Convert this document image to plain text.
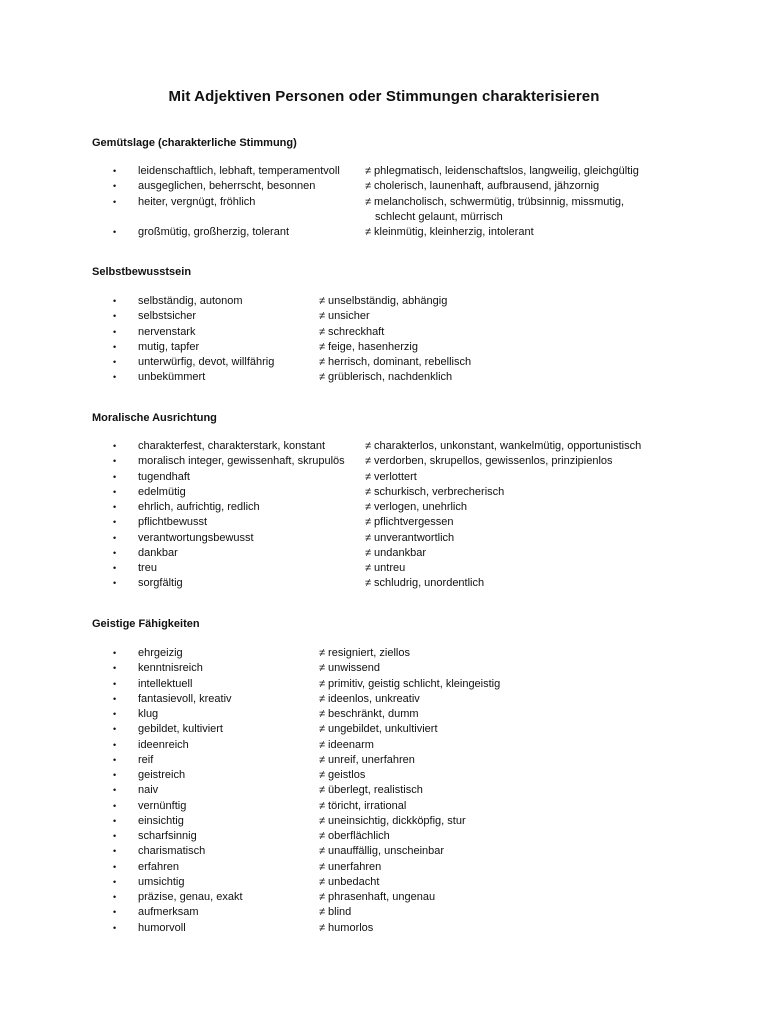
Mit Adjektiven Personen oder Stimmungen charakterisieren
Gemütslage (charakterliche Stimmung)
• leidenschaftlich, lebhaft, temperamentvoll ≠ phlegmatisch, leidenschaftslos, langweilig, gleichgültig
• ausgeglichen, beherrscht, besonnen	≠ cholerisch, launenhaft, aufbrausend, jähzornig
• heiter, vergnügt, fröhlich	≠ melancholisch, schwermütig, trübsinnig, missmutig,
schlecht gelaunt, mürrisch
• großmütig, großherzig, tolerant	≠ kleinmütig, kleinherzig, intolerant
Selbstbewusstsein
• selbständig, autonom	≠ unselbständig, abhängig
• selbstsicher	≠ unsicher
• nervenstark	≠ schreckhaft
• mutig, tapfer	≠ feige, hasenherzig
• unterwürfig, devot, willfährig	≠ herrisch, dominant, rebellisch
• unbekümmert	≠ grüblerisch, nachdenklich
Moralische Ausrichtung
• charakterfest, charakterstark, konstant	≠ charakterlos, unkonstant, wankelmütig, opportunistisch
• moralisch integer, gewissenhaft, skrupulös ≠ verdorben, skrupellos, gewissenlos, prinzipienlos
• tugendhaft	≠ verlottert
• edelmütig	≠ schurkisch, verbrecherisch
• ehrlich, aufrichtig, redlich	≠ verlogen, unehrlich
• pflichtbewusst	≠ pflichtvergessen
• verantwortungsbewusst	≠ unverantwortlich
• dankbar	≠ undankbar
• treu	≠ untreu
• sorgfältig	≠ schludrig, unordentlich
Geistige Fähigkeiten
• ehrgeizig	≠ resigniert, ziellos
• kenntnisreich	≠ unwissend
• intellektuell	≠ primitiv, geistig schlicht, kleingeistig
• fantasievoll, kreativ	≠ ideenlos, unkreativ
• klug	≠ beschränkt, dumm
• gebildet, kultiviert	≠ ungebildet, unkultiviert
• ideenreich	≠ ideenarm
• reif	≠ unreif, unerfahren
• geistreich	≠ geistlos
• naiv	≠ überlegt, realistisch
• vernünftig	≠ töricht, irrational
• einsichtig	≠ uneinsichtig, dickköpfig, stur
• scharfsinnig	≠ oberflächlich
• charismatisch	≠ unauffällig, unscheinbar
• erfahren	≠ unerfahren
• umsichtig	≠ unbedacht
• präzise, genau, exakt	≠ phrasenhaft, ungenau
• aufmerksam	≠ blind
• humorvoll	≠ humorlos
